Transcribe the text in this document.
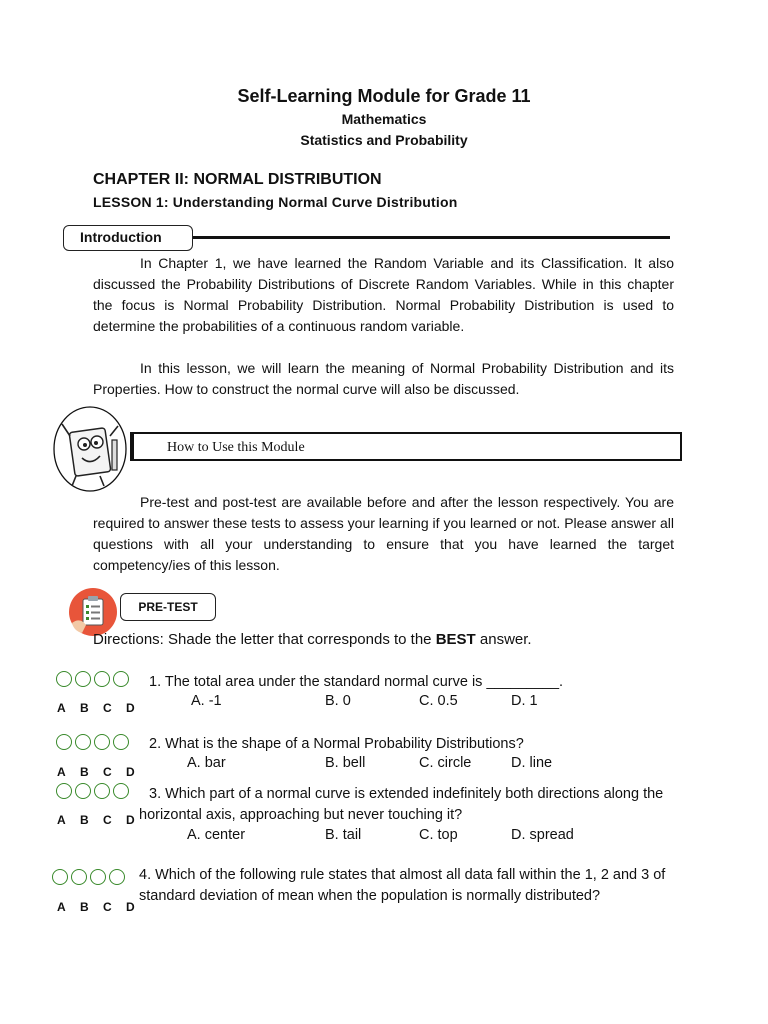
Self-Learning Module for Grade 11
Mathematics
Statistics and Probability
CHAPTER II: NORMAL DISTRIBUTION
LESSON 1: Understanding Normal Curve Distribution
Introduction
In Chapter 1, we have learned the Random Variable and its Classification. It also discussed the Probability Distributions of Discrete Random Variables. While in this chapter the focus is Normal Probability Distribution. Normal Probability Distribution is used to determine the probabilities of a continuous random variable.
In this lesson, we will learn the meaning of Normal Probability Distribution and its Properties. How to construct the normal curve will also be discussed.
How to Use this Module
Pre-test and post-test are available before and after the lesson respectively. You are required to answer these tests to assess your learning if you learned or not. Please answer all questions with all your understanding to ensure that you have learned the target competency/ies of this lesson.
PRE-TEST
Directions: Shade the letter that corresponds to the BEST answer.
A	B	C	D
1. The total area under the standard normal curve is _________.
A. -1	B. 0	C. 0.5	D. 1
A	B	C	D
2. What is the shape of a Normal Probability Distributions?
A. bar	B. bell	C. circle	D. line
A	B	C	D
3. Which part of a normal curve is extended indefinitely both directions along the horizontal axis, approaching but never touching it?
A. center	B. tail	C. top	D. spread
A	B	C	D
4. Which of the following rule states that almost all data fall within the 1, 2 and 3 of standard deviation of mean when the population is normally distributed?
